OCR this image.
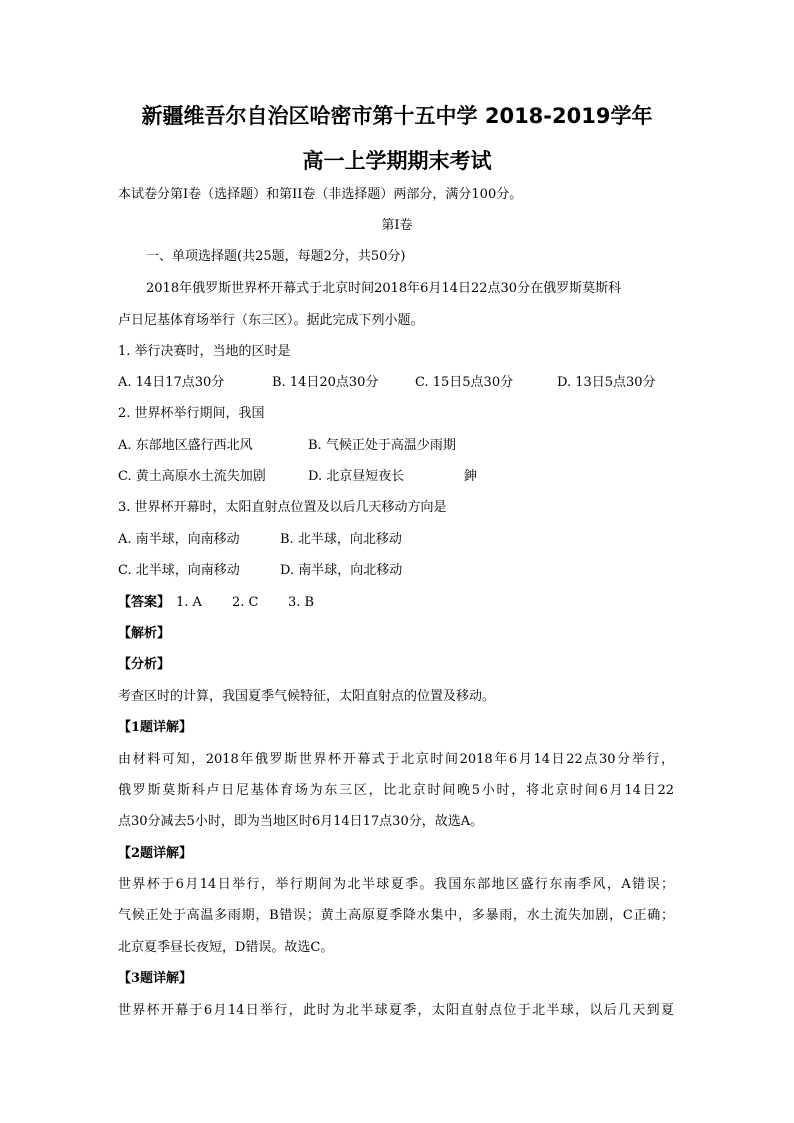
新疆维吾尔自治区哈密市第十五中学 2018-2019学年
高一上学期期末考试
本试卷分第I卷（选择题）和第II卷（非选择题）两部分，满分100分。
第I卷
一、单项选择题(共25题，每题2分，共50分)
2018年俄罗斯世界杯开幕式于北京时间2018年6月14日22点30分在俄罗斯莫斯科
卢日尼基体育场举行（东三区）。据此完成下列小题。
1. 举行决赛时，当地的区时是
A. 14日17点30分	B. 14日20点30分	C. 15日5点30分	D. 13日5点30分
2. 世界杯举行期间，我国
A. 东部地区盛行西北风	B. 气候正处于高温少雨期
C. 黄土高原水土流失加剧	D. 北京昼短夜长	鉮
3. 世界杯开幕时，太阳直射点位置及以后几天移动方向是
A. 南半球，向南移动	B. 北半球，向北移动
C. 北半球，向南移动	D. 南半球，向北移动
【答案】 1. A 2. C 3. B
【解析】
【分析】
考查区时的计算，我国夏季气候特征，太阳直射点的位置及移动。
【1题详解】
由材料可知，2018年俄罗斯世界杯开幕式于北京时间2018年6月14日22点30分举行，
俄罗斯莫斯科卢日尼基体育场为东三区，比北京时间晚5小时，将北京时间6月14日22
点30分减去5小时，即为当地区时6月14日17点30分，故选A。
【2题详解】
世界杯于6月14日举行，举行期间为北半球夏季。我国东部地区盛行东南季风，A错误；
气候正处于高温多雨期，B错误；黄土高原夏季降水集中，多暴雨，水土流失加剧，C正确；
北京夏季昼长夜短，D错误。故选C。
【3题详解】
世界杯开幕于6月14日举行，此时为北半球夏季，太阳直射点位于北半球，以后几天到夏
